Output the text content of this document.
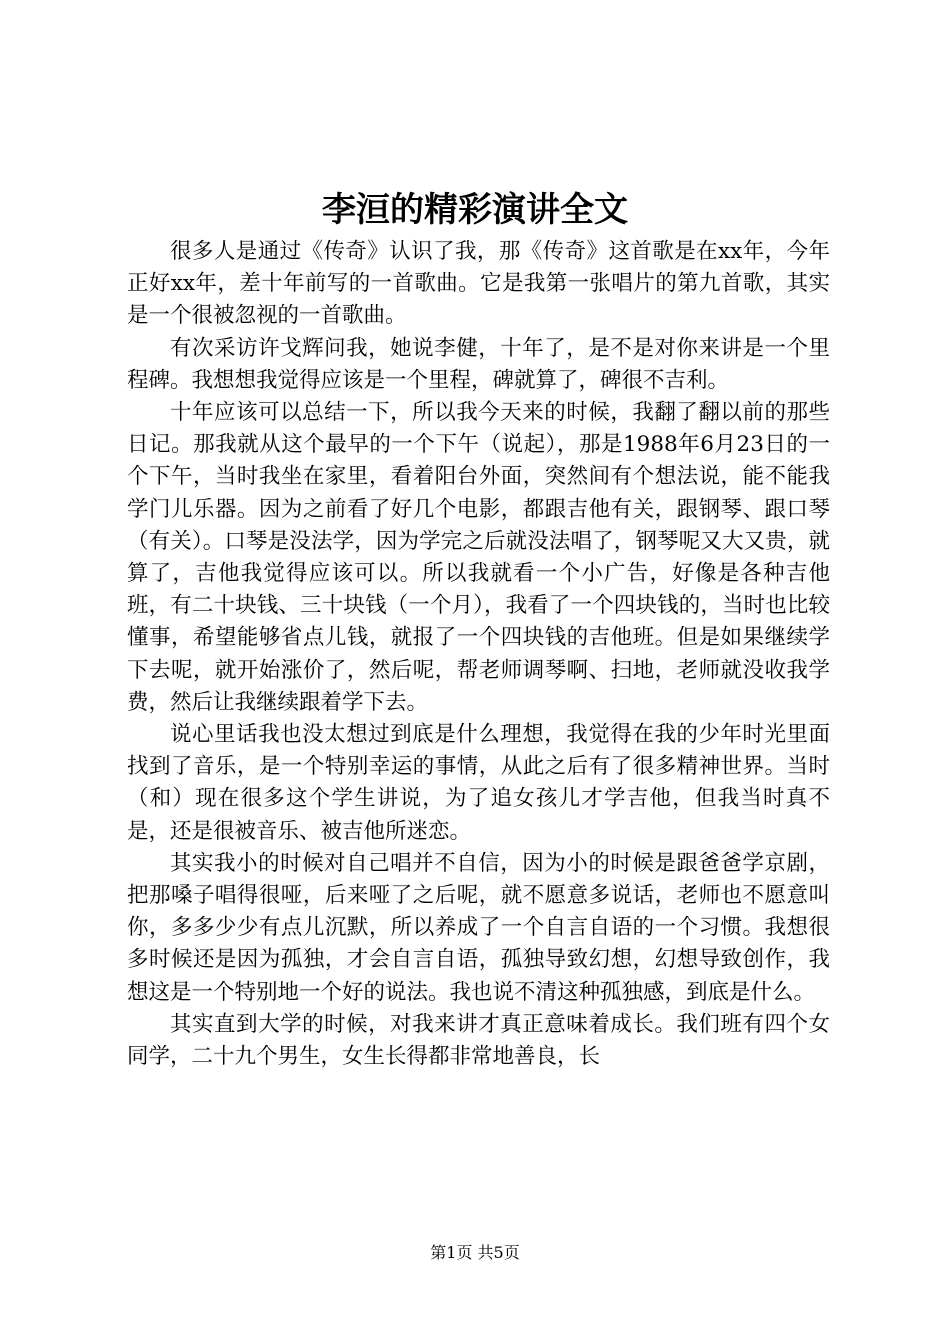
李洹的精彩演讲全文

很多人是通过《传奇》认识了我，那《传奇》这首歌是在xx年，今年正好xx年，差十年前写的一首歌曲。它是我第一张唱片的第九首歌，其实是一个很被忽视的一首歌曲。

有次采访许戈辉问我，她说李健，十年了，是不是对你来讲是一个里程碑。我想想我觉得应该是一个里程，碑就算了，碑很不吉利。

十年应该可以总结一下，所以我今天来的时候，我翻了翻以前的那些日记。那我就从这个最早的一个下午（说起），那是1988年6月23日的一个下午，当时我坐在家里，看着阳台外面，突然间有个想法说，能不能我学门儿乐器。因为之前看了好几个电影，都跟吉他有关，跟钢琴、跟口琴（有关）。口琴是没法学，因为学完之后就没法唱了，钢琴呢又大又贵，就算了，吉他我觉得应该可以。所以我就看一个小广告，好像是各种吉他班，有二十块钱、三十块钱（一个月），我看了一个四块钱的，当时也比较懂事，希望能够省点儿钱，就报了一个四块钱的吉他班。但是如果继续学下去呢，就开始涨价了，然后呢，帮老师调琴啊、扫地，老师就没收我学费，然后让我继续跟着学下去。

说心里话我也没太想过到底是什么理想，我觉得在我的少年时光里面找到了音乐，是一个特别幸运的事情，从此之后有了很多精神世界。当时（和）现在很多这个学生讲说，为了追女孩儿才学吉他，但我当时真不是，还是很被音乐、被吉他所迷恋。

其实我小的时候对自己唱并不自信，因为小的时候是跟爸爸学京剧，把那嗓子唱得很哑，后来哑了之后呢，就不愿意多说话，老师也不愿意叫你，多多少少有点儿沉默，所以养成了一个自言自语的一个习惯。我想很多时候还是因为孤独，才会自言自语，孤独导致幻想，幻想导致创作，我想这是一个特别地一个好的说法。我也说不清这种孤独感，到底是什么。

其实直到大学的时候，对我来讲才真正意味着成长。我们班有四个女同学，二十九个男生，女生长得都非常地善良，长

第1页 共5页
